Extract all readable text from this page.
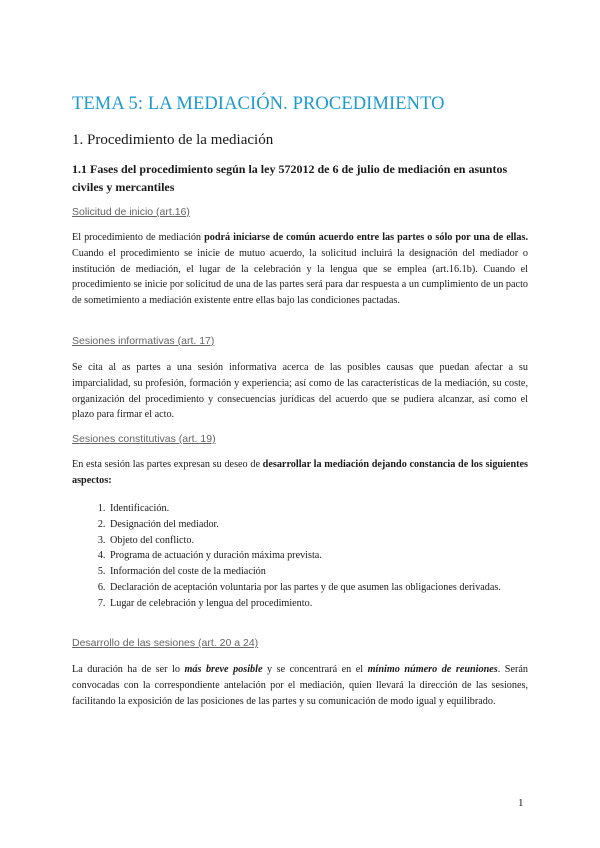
TEMA 5: LA MEDIACIÓN. PROCEDIMIENTO
1. Procedimiento de la mediación
1.1 Fases del procedimiento según la ley 572012 de 6 de julio de mediación en asuntos civiles y mercantiles
Solicitud de inicio (art.16)
El procedimiento de mediación podrá iniciarse de común acuerdo entre las partes o sólo por una de ellas. Cuando el procedimiento se inicie de mutuo acuerdo, la solicitud incluirá la designación del mediador o institución de mediación, el lugar de la celebración y la lengua que se emplea (art.16.1b). Cuando el procedimiento se inicie por solicitud de una de las partes será para dar respuesta a un cumplimiento de un pacto de sometimiento a mediación existente entre ellas bajo las condiciones pactadas.
Sesiones informativas (art. 17)
Se cita al as partes a una sesión informativa acerca de las posibles causas que puedan afectar a su imparcialidad, su profesión, formación y experiencia; así como de las características de la mediación, su coste, organización del procedimiento y consecuencias jurídicas del acuerdo que se pudiera alcanzar, así como el plazo para firmar el acto.
Sesiones constitutivas (art. 19)
En esta sesión las partes expresan su deseo de desarrollar la mediación dejando constancia de los siguientes aspectos:
1. Identificación.
2. Designación del mediador.
3. Objeto del conflicto.
4. Programa de actuación y duración máxima prevista.
5. Información del coste de la mediación
6. Declaración de aceptación voluntaria por las partes y de que asumen las obligaciones derivadas.
7. Lugar de celebración y lengua del procedimiento.
Desarrollo de las sesiones (art. 20 a 24)
La duración ha de ser lo más breve posible y se concentrará en el mínimo número de reuniones. Serán convocadas con la correspondiente antelación por el mediación, quien llevará la dirección de las sesiones, facilitando la exposición de las posiciones de las partes y su comunicación de modo igual y equilibrado.
1
